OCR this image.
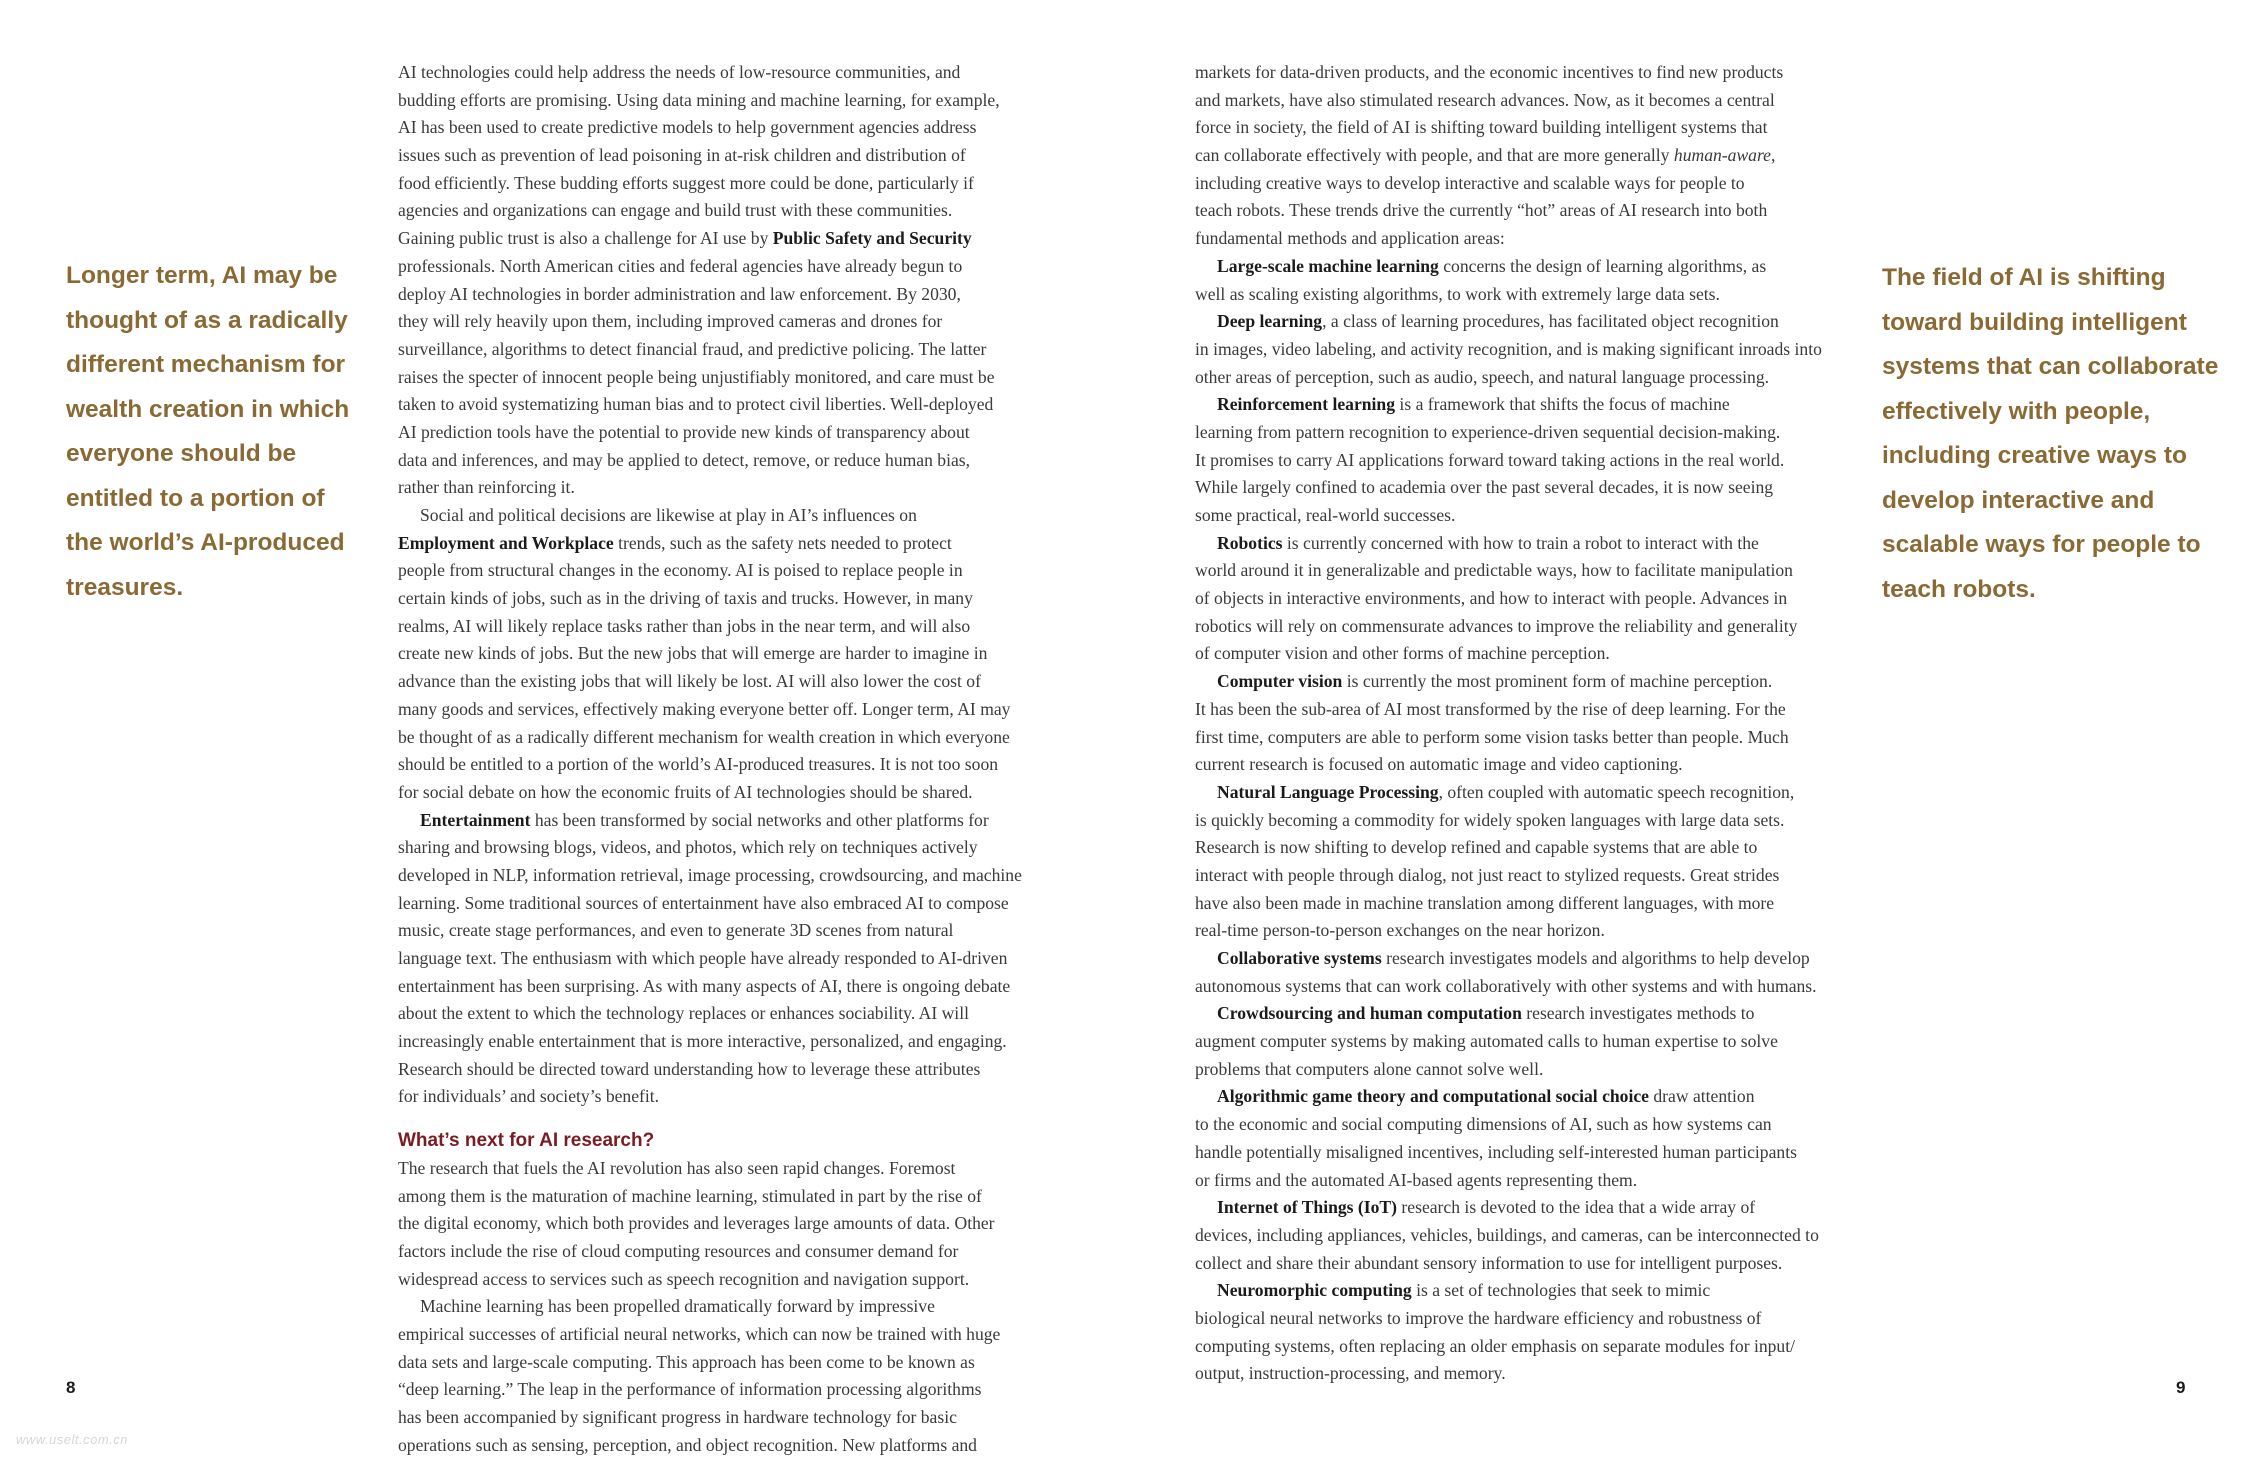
Longer term, AI may be thought of as a radically different mechanism for wealth creation in which everyone should be entitled to a portion of the world’s AI-produced treasures.

AI technologies could help address the needs of low-resource communities, and
budding efforts are promising. Using data mining and machine learning, for example,
AI has been used to create predictive models to help government agencies address
issues such as prevention of lead poisoning in at-risk children and distribution of
food efficiently. These budding efforts suggest more could be done, particularly if
agencies and organizations can engage and build trust with these communities.
Gaining public trust is also a challenge for AI use by Public Safety and Security
professionals. North American cities and federal agencies have already begun to
deploy AI technologies in border administration and law enforcement. By 2030,
they will rely heavily upon them, including improved cameras and drones for
surveillance, algorithms to detect financial fraud, and predictive policing. The latter
raises the specter of innocent people being unjustifiably monitored, and care must be
taken to avoid systematizing human bias and to protect civil liberties. Well-deployed
AI prediction tools have the potential to provide new kinds of transparency about
data and inferences, and may be applied to detect, remove, or reduce human bias,
rather than reinforcing it.
Social and political decisions are likewise at play in AI’s influences on
Employment and Workplace trends, such as the safety nets needed to protect
people from structural changes in the economy. AI is poised to replace people in
certain kinds of jobs, such as in the driving of taxis and trucks. However, in many
realms, AI will likely replace tasks rather than jobs in the near term, and will also
create new kinds of jobs. But the new jobs that will emerge are harder to imagine in
advance than the existing jobs that will likely be lost. AI will also lower the cost of
many goods and services, effectively making everyone better off. Longer term, AI may
be thought of as a radically different mechanism for wealth creation in which everyone
should be entitled to a portion of the world’s AI-produced treasures. It is not too soon
for social debate on how the economic fruits of AI technologies should be shared.
Entertainment has been transformed by social networks and other platforms for
sharing and browsing blogs, videos, and photos, which rely on techniques actively
developed in NLP, information retrieval, image processing, crowdsourcing, and machine
learning. Some traditional sources of entertainment have also embraced AI to compose
music, create stage performances, and even to generate 3D scenes from natural
language text. The enthusiasm with which people have already responded to AI-driven
entertainment has been surprising. As with many aspects of AI, there is ongoing debate
about the extent to which the technology replaces or enhances sociability. AI will
increasingly enable entertainment that is more interactive, personalized, and engaging.
Research should be directed toward understanding how to leverage these attributes
for individuals’ and society’s benefit.
What’s next for AI research?
The research that fuels the AI revolution has also seen rapid changes. Foremost
among them is the maturation of machine learning, stimulated in part by the rise of
the digital economy, which both provides and leverages large amounts of data. Other
factors include the rise of cloud computing resources and consumer demand for
widespread access to services such as speech recognition and navigation support.
Machine learning has been propelled dramatically forward by impressive
empirical successes of artificial neural networks, which can now be trained with huge
data sets and large-scale computing. This approach has been come to be known as
“deep learning.” The leap in the performance of information processing algorithms
has been accompanied by significant progress in hardware technology for basic
operations such as sensing, perception, and object recognition. New platforms and

8

markets for data-driven products, and the economic incentives to find new products
and markets, have also stimulated research advances. Now, as it becomes a central
force in society, the field of AI is shifting toward building intelligent systems that
can collaborate effectively with people, and that are more generally human-aware,
including creative ways to develop interactive and scalable ways for people to
teach robots. These trends drive the currently “hot” areas of AI research into both
fundamental methods and application areas:
Large-scale machine learning concerns the design of learning algorithms, as
well as scaling existing algorithms, to work with extremely large data sets.
Deep learning, a class of learning procedures, has facilitated object recognition
in images, video labeling, and activity recognition, and is making significant inroads into
other areas of perception, such as audio, speech, and natural language processing.
Reinforcement learning is a framework that shifts the focus of machine
learning from pattern recognition to experience-driven sequential decision-making.
It promises to carry AI applications forward toward taking actions in the real world.
While largely confined to academia over the past several decades, it is now seeing
some practical, real-world successes.
Robotics is currently concerned with how to train a robot to interact with the
world around it in generalizable and predictable ways, how to facilitate manipulation
of objects in interactive environments, and how to interact with people. Advances in
robotics will rely on commensurate advances to improve the reliability and generality
of computer vision and other forms of machine perception.
Computer vision is currently the most prominent form of machine perception.
It has been the sub-area of AI most transformed by the rise of deep learning. For the
first time, computers are able to perform some vision tasks better than people. Much
current research is focused on automatic image and video captioning.
Natural Language Processing, often coupled with automatic speech recognition,
is quickly becoming a commodity for widely spoken languages with large data sets.
Research is now shifting to develop refined and capable systems that are able to
interact with people through dialog, not just react to stylized requests. Great strides
have also been made in machine translation among different languages, with more
real-time person-to-person exchanges on the near horizon.
Collaborative systems research investigates models and algorithms to help develop
autonomous systems that can work collaboratively with other systems and with humans.
Crowdsourcing and human computation research investigates methods to
augment computer systems by making automated calls to human expertise to solve
problems that computers alone cannot solve well.
Algorithmic game theory and computational social choice draw attention
to the economic and social computing dimensions of AI, such as how systems can
handle potentially misaligned incentives, including self-interested human participants
or firms and the automated AI-based agents representing them.
Internet of Things (IoT) research is devoted to the idea that a wide array of
devices, including appliances, vehicles, buildings, and cameras, can be interconnected to
collect and share their abundant sensory information to use for intelligent purposes.
Neuromorphic computing is a set of technologies that seek to mimic
biological neural networks to improve the hardware efficiency and robustness of
computing systems, often replacing an older emphasis on separate modules for input/
output, instruction-processing, and memory.

The field of AI is shifting toward building intelligent systems that can collaborate effectively with people, including creative ways to develop interactive and scalable ways for people to teach robots.

9

www.uselt.com.cn
